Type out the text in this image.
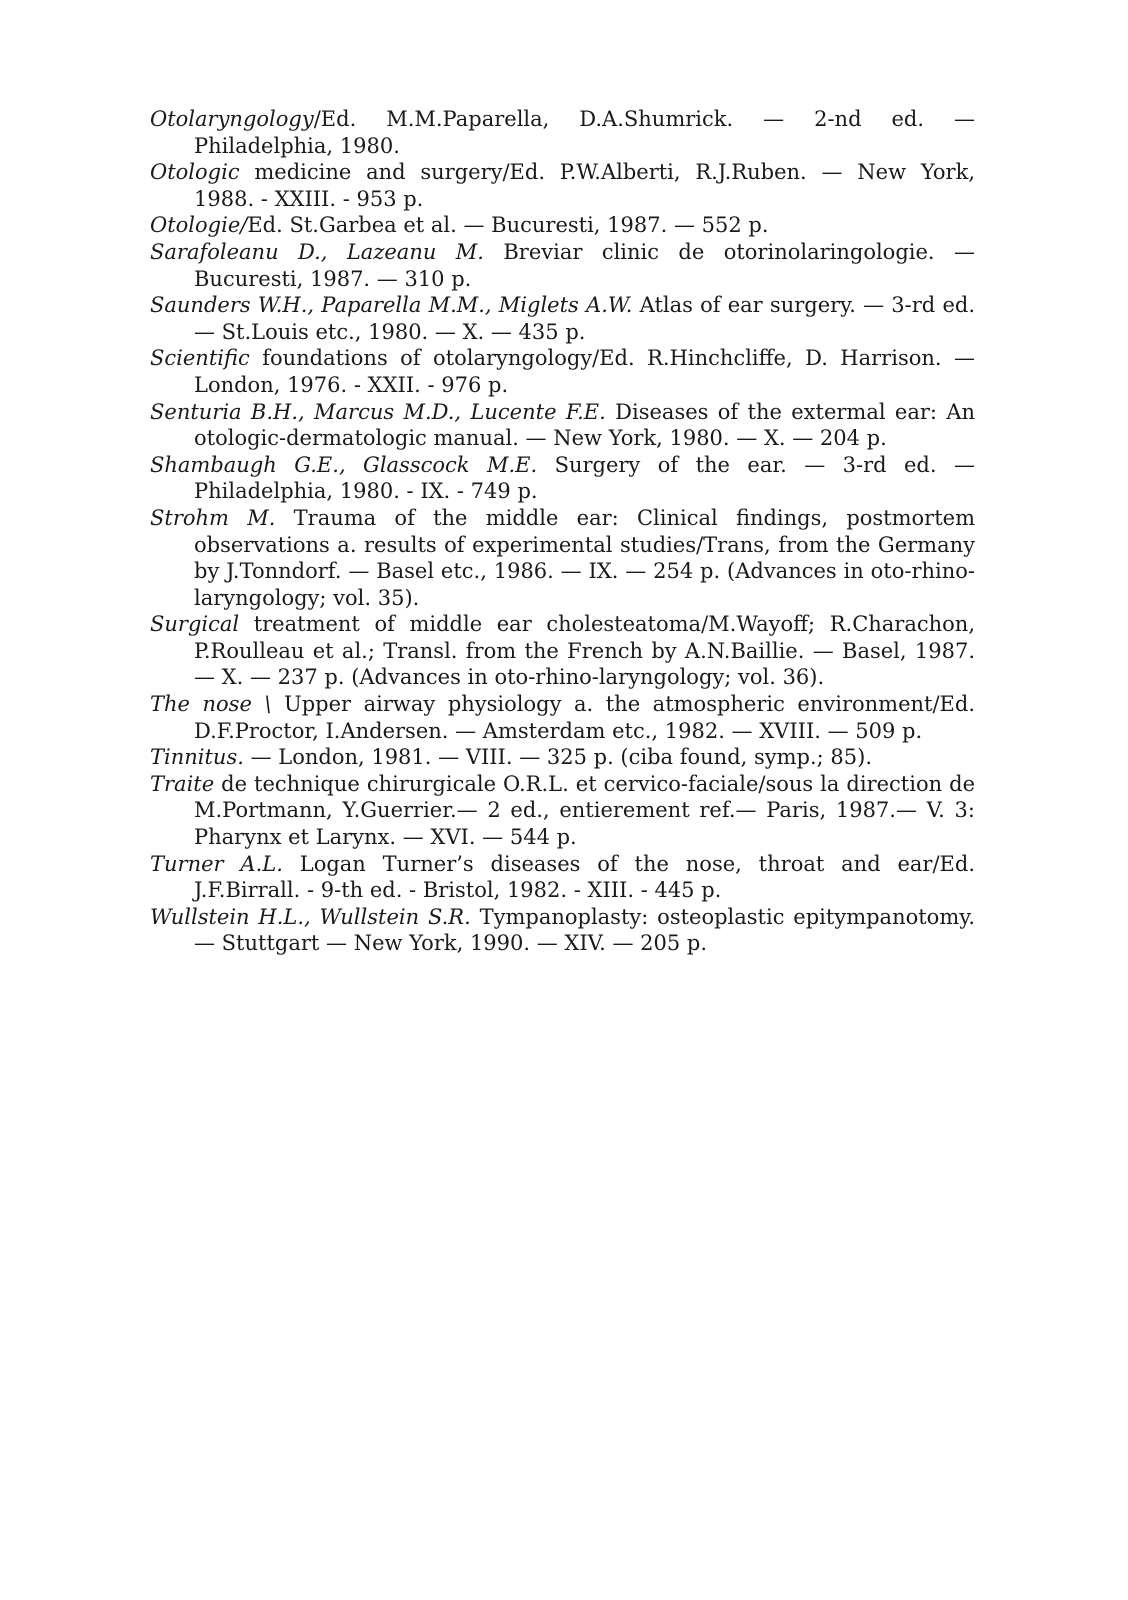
Otolaryngology/Ed. M.M.Paparella, D.A.Shumrick. — 2-nd ed. — Philadelphia, 1980.

Otologic medicine and surgery/Ed. P.W.Alberti, R.J.Ruben. — New York, 1988. - XXIII. - 953 p.

Otologie/Ed. St.Garbea et al. — Bucuresti, 1987. — 552 p.

Sarafoleanu D., Lazeanu M. Breviar clinic de otorinolaringologie. — Bucuresti, 1987. — 310 p.

Saunders W.H., Paparella M.M., Miglets A.W. Atlas of ear surgery. — 3-rd ed. — St.Louis etc., 1980. — X. — 435 p.

Scientific foundations of otolaryngology/Ed. R.Hinchcliffe, D. Harrison. — London, 1976. - XXII. - 976 p.

Senturia B.H., Marcus M.D., Lucente F.E. Diseases of the extermal ear: An otologic-dermatologic manual. — New York, 1980. — X. — 204 p.

Shambaugh G.E., Glasscock M.E. Surgery of the ear. — 3-rd ed. — Philadelphia, 1980. - IX. - 749 p.

Strohm M. Trauma of the middle ear: Clinical findings, postmortem observations a. results of experimental studies/Trans, from the Germany by J.Tonndorf. — Basel etc., 1986. — IX. — 254 p. (Advances in oto-rhino-laryngology; vol. 35).

Surgical treatment of middle ear cholesteatoma/M.Wayoff; R.Charachon, P.Roulleau et al.; Transl. from the French by A.N.Baillie. — Basel, 1987. — X. — 237 p. (Advances in oto-rhino-laryngology; vol. 36).

The nose \ Upper airway physiology a. the atmospheric environment/Ed. D.F.Proctor, I.Andersen. — Amsterdam etc., 1982. — XVIII. — 509 p.

Tinnitus. — London, 1981. — VIII. — 325 p. (ciba found, symp.; 85).

Traite de technique chirurgicale O.R.L. et cervico-faciale/sous la direction de M.Portmann, Y.Guerrier.— 2 ed., entierement ref.— Paris, 1987.— V. 3: Pharynx et Larynx. — XVI. — 544 p.

Turner A.L. Logan Turner’s diseases of the nose, throat and ear/Ed. J.F.Birrall. - 9-th ed. - Bristol, 1982. - XIII. - 445 p.

Wullstein H.L., Wullstein S.R. Tympanoplasty: osteoplastic epitympanotomy. — Stuttgart — New York, 1990. — XIV. — 205 p.
